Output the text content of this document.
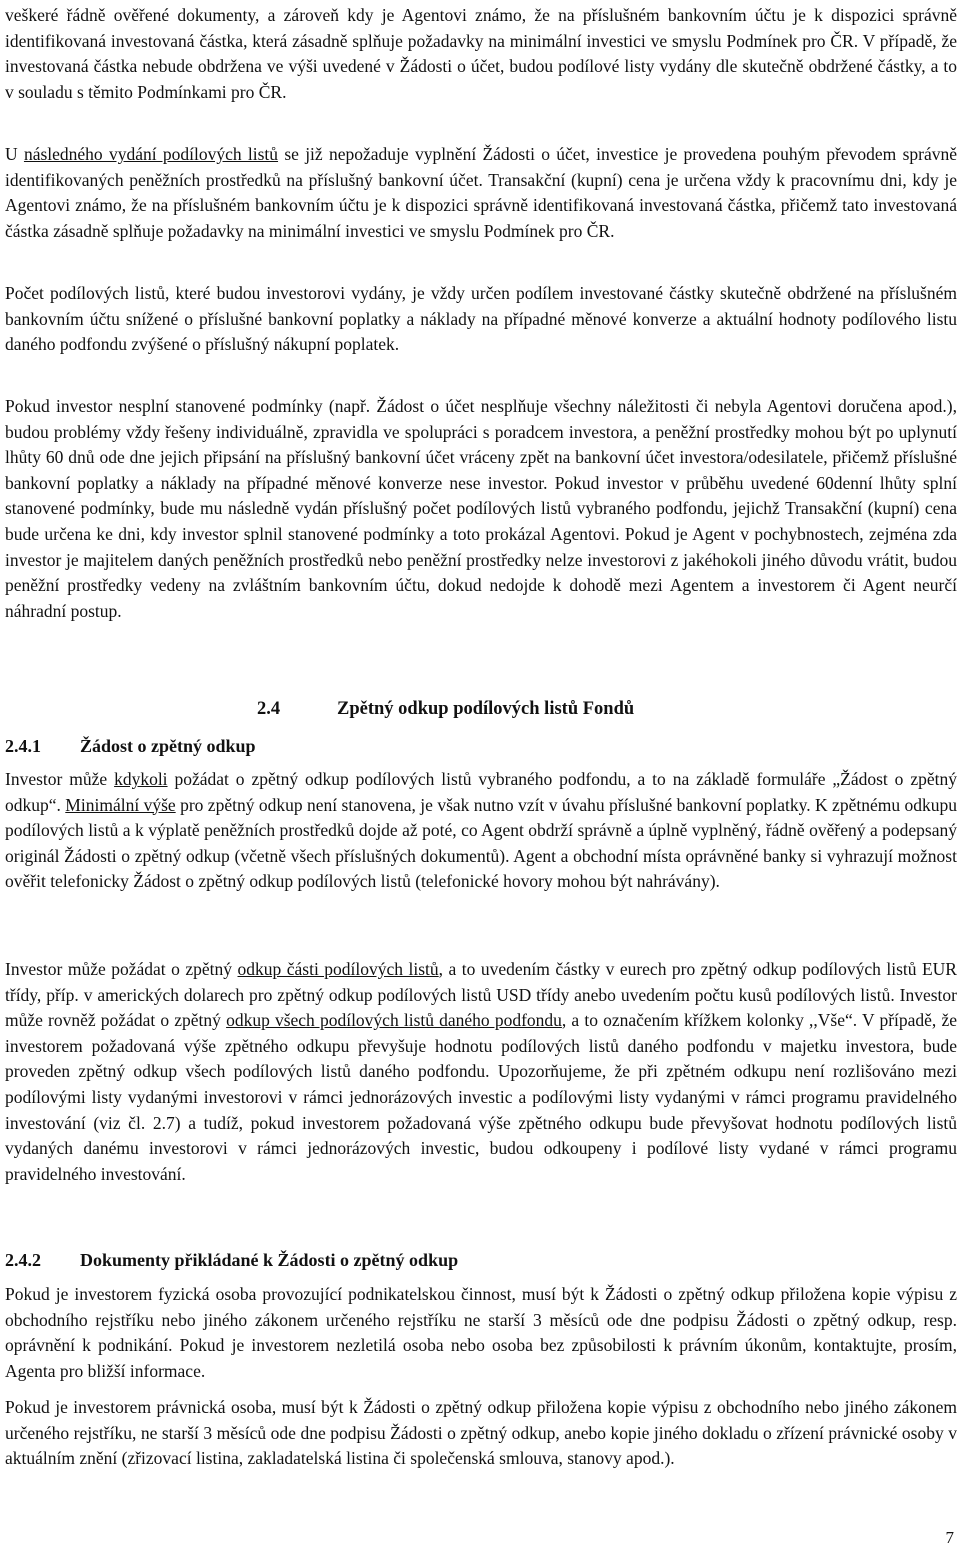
veškeré řádně ověřené dokumenty, a zároveň kdy je Agentovi známo, že na příslušném bankovním účtu je k dispozici správně identifikovaná investovaná částka, která zásadně splňuje požadavky na minimální investici ve smyslu Podmínek pro ČR. V případě, že investovaná částka nebude obdržena ve výši uvedené v Žádosti o účet, budou podílové listy vydány dle skutečně obdržené částky, a to v souladu s těmito Podmínkami pro ČR.

U následného vydání podílových listů se již nepožaduje vyplnění Žádosti o účet, investice je provedena pouhým převodem správně identifikovaných peněžních prostředků na příslušný bankovní účet. Transakční (kupní) cena je určena vždy k pracovnímu dni, kdy je Agentovi známo, že na příslušném bankovním účtu je k dispozici správně identifikovaná investovaná částka, přičemž tato investovaná částka zásadně splňuje požadavky na minimální investici ve smyslu Podmínek pro ČR.

Počet podílových listů, které budou investorovi vydány, je vždy určen podílem investované částky skutečně obdržené na příslušném bankovním účtu snížené o příslušné bankovní poplatky a náklady na případné měnové konverze a aktuální hodnoty podílového listu daného podfondu zvýšené o příslušný nákupní poplatek.

Pokud investor nesplní stanovené podmínky (např. Žádost o účet nesplňuje všechny náležitosti či nebyla Agentovi doručena apod.), budou problémy vždy řešeny individuálně, zpravidla ve spolupráci s poradcem investora, a peněžní prostředky mohou být po uplynutí lhůty 60 dnů ode dne jejich připsání na příslušný bankovní účet vráceny zpět na bankovní účet investora/odesilatele, přičemž příslušné bankovní poplatky a náklady na případné měnové konverze nese investor. Pokud investor v průběhu uvedené 60denní lhůty splní stanovené podmínky, bude mu následně vydán příslušný počet podílových listů vybraného podfondu, jejichž Transakční (kupní) cena bude určena ke dni, kdy investor splnil stanovené podmínky a toto prokázal Agentovi. Pokud je Agent v pochybnostech, zejména zda investor je majitelem daných peněžních prostředků nebo peněžní prostředky nelze investorovi z jakéhokoli jiného důvodu vrátit, budou peněžní prostředky vedeny na zvláštním bankovním účtu, dokud nedojde k dohodě mezi Agentem a investorem či Agent neurčí náhradní postup.

2.4	Zpětný odkup podílových listů Fondů
2.4.1 Žádost o zpětný odkup

Investor může kdykoli požádat o zpětný odkup podílových listů vybraného podfondu, a to na základě formuláře „Žádost o zpětný odkup“. Minimální výše pro zpětný odkup není stanovena, je však nutno vzít v úvahu příslušné bankovní poplatky. K zpětnému odkupu podílových listů a k výplatě peněžních prostředků dojde až poté, co Agent obdrží správně a úplně vyplněný, řádně ověřený a podepsaný originál Žádosti o zpětný odkup (včetně všech příslušných dokumentů). Agent a obchodní místa oprávněné banky si vyhrazují možnost ověřit telefonicky Žádost o zpětný odkup podílových listů (telefonické hovory mohou být nahrávány).

Investor může požádat o zpětný odkup části podílových listů, a to uvedením částky v eurech pro zpětný odkup podílových listů EUR třídy, příp. v amerických dolarech pro zpětný odkup podílových listů USD třídy anebo uvedením počtu kusů podílových listů. Investor může rovněž požádat o zpětný odkup všech podílových listů daného podfondu, a to označením křížkem kolonky ,,Vše“. V případě, že investorem požadovaná výše zpětného odkupu převyšuje hodnotu podílových listů daného podfondu v majetku investora, bude proveden zpětný odkup všech podílových listů daného podfondu. Upozorňujeme, že při zpětném odkupu není rozlišováno mezi podílovými listy vydanými investorovi v rámci jednorázových investic a podílovými listy vydanými v rámci programu pravidelného investování (viz čl. 2.7) a tudíž, pokud investorem požadovaná výše zpětného odkupu bude převyšovat hodnotu podílových listů vydaných danému investorovi v rámci jednorázových investic, budou odkoupeny i podílové listy vydané v rámci programu pravidelného investování.

2.4.2 Dokumenty přikládané k Žádosti o zpětný odkup

Pokud je investorem fyzická osoba provozující podnikatelskou činnost, musí být k Žádosti o zpětný odkup přiložena kopie výpisu z obchodního rejstříku nebo jiného zákonem určeného rejstříku ne starší 3 měsíců ode dne podpisu Žádosti o zpětný odkup, resp. oprávnění k podnikání. Pokud je investorem nezletilá osoba nebo osoba bez způsobilosti k právním úkonům, kontaktujte, prosím, Agenta pro bližší informace.

Pokud je investorem právnická osoba, musí být k Žádosti o zpětný odkup přiložena kopie výpisu z obchodního nebo jiného zákonem určeného rejstříku, ne starší 3 měsíců ode dne podpisu Žádosti o zpětný odkup, anebo kopie jiného dokladu o zřízení právnické osoby v aktuálním znění (zřizovací listina, zakladatelská listina či společenská smlouva, stanovy apod.).

7
